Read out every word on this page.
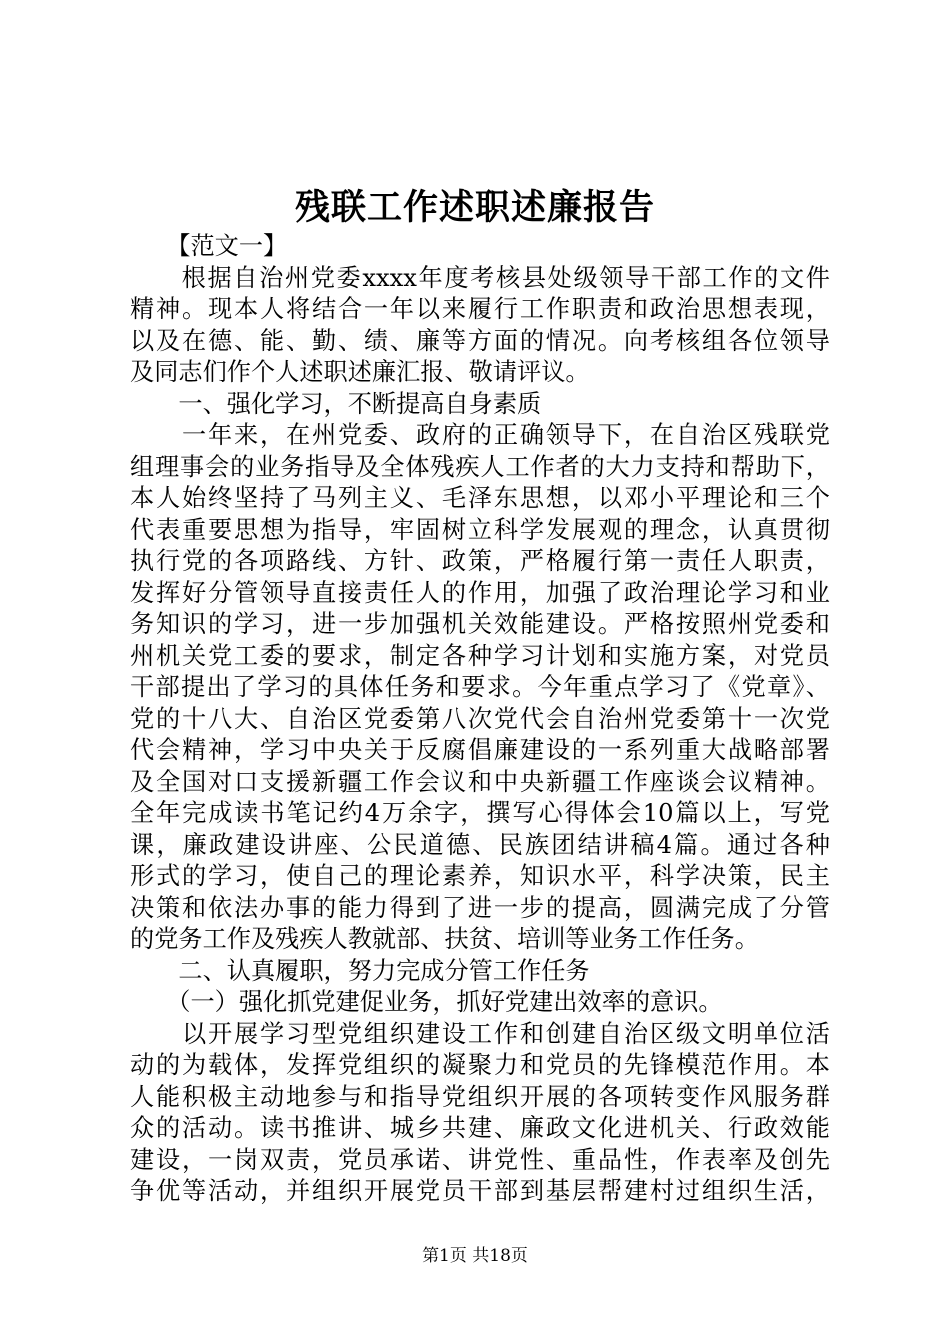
残联工作述职述廉报告
　　【范文一】
　　根据自治州党委xxxx年度考核县处级领导干部工作的文件
精神。现本人将结合一年以来履行工作职责和政治思想表现，
以及在德、能、勤、绩、廉等方面的情况。向考核组各位领导
及同志们作个人述职述廉汇报、敬请评议。
　　一、强化学习，不断提高自身素质
　　一年来，在州党委、政府的正确领导下，在自治区残联党
组理事会的业务指导及全体残疾人工作者的大力支持和帮助下，
本人始终坚持了马列主义、毛泽东思想，以邓小平理论和三个
代表重要思想为指导，牢固树立科学发展观的理念，认真贯彻
执行党的各项路线、方针、政策，严格履行第一责任人职责，
发挥好分管领导直接责任人的作用，加强了政治理论学习和业
务知识的学习，进一步加强机关效能建设。严格按照州党委和
州机关党工委的要求，制定各种学习计划和实施方案，对党员
干部提出了学习的具体任务和要求。今年重点学习了《党章》、
党的十八大、自治区党委第八次党代会自治州党委第十一次党
代会精神，学习中央关于反腐倡廉建设的一系列重大战略部署
及全国对口支援新疆工作会议和中央新疆工作座谈会议精神。
全年完成读书笔记约4万余字，撰写心得体会10篇以上，写党
课，廉政建设讲座、公民道德、民族团结讲稿4篇。通过各种
形式的学习，使自己的理论素养，知识水平，科学决策，民主
决策和依法办事的能力得到了进一步的提高，圆满完成了分管
的党务工作及残疾人教就部、扶贫、培训等业务工作任务。
　　二、认真履职，努力完成分管工作任务
　　（一）强化抓党建促业务，抓好党建出效率的意识。
　　以开展学习型党组织建设工作和创建自治区级文明单位活
动的为载体，发挥党组织的凝聚力和党员的先锋模范作用。本
人能积极主动地参与和指导党组织开展的各项转变作风服务群
众的活动。读书推讲、城乡共建、廉政文化进机关、行政效能
建设，一岗双责，党员承诺、讲党性、重品性，作表率及创先
争优等活动，并组织开展党员干部到基层帮建村过组织生活，
第1页 共18页
